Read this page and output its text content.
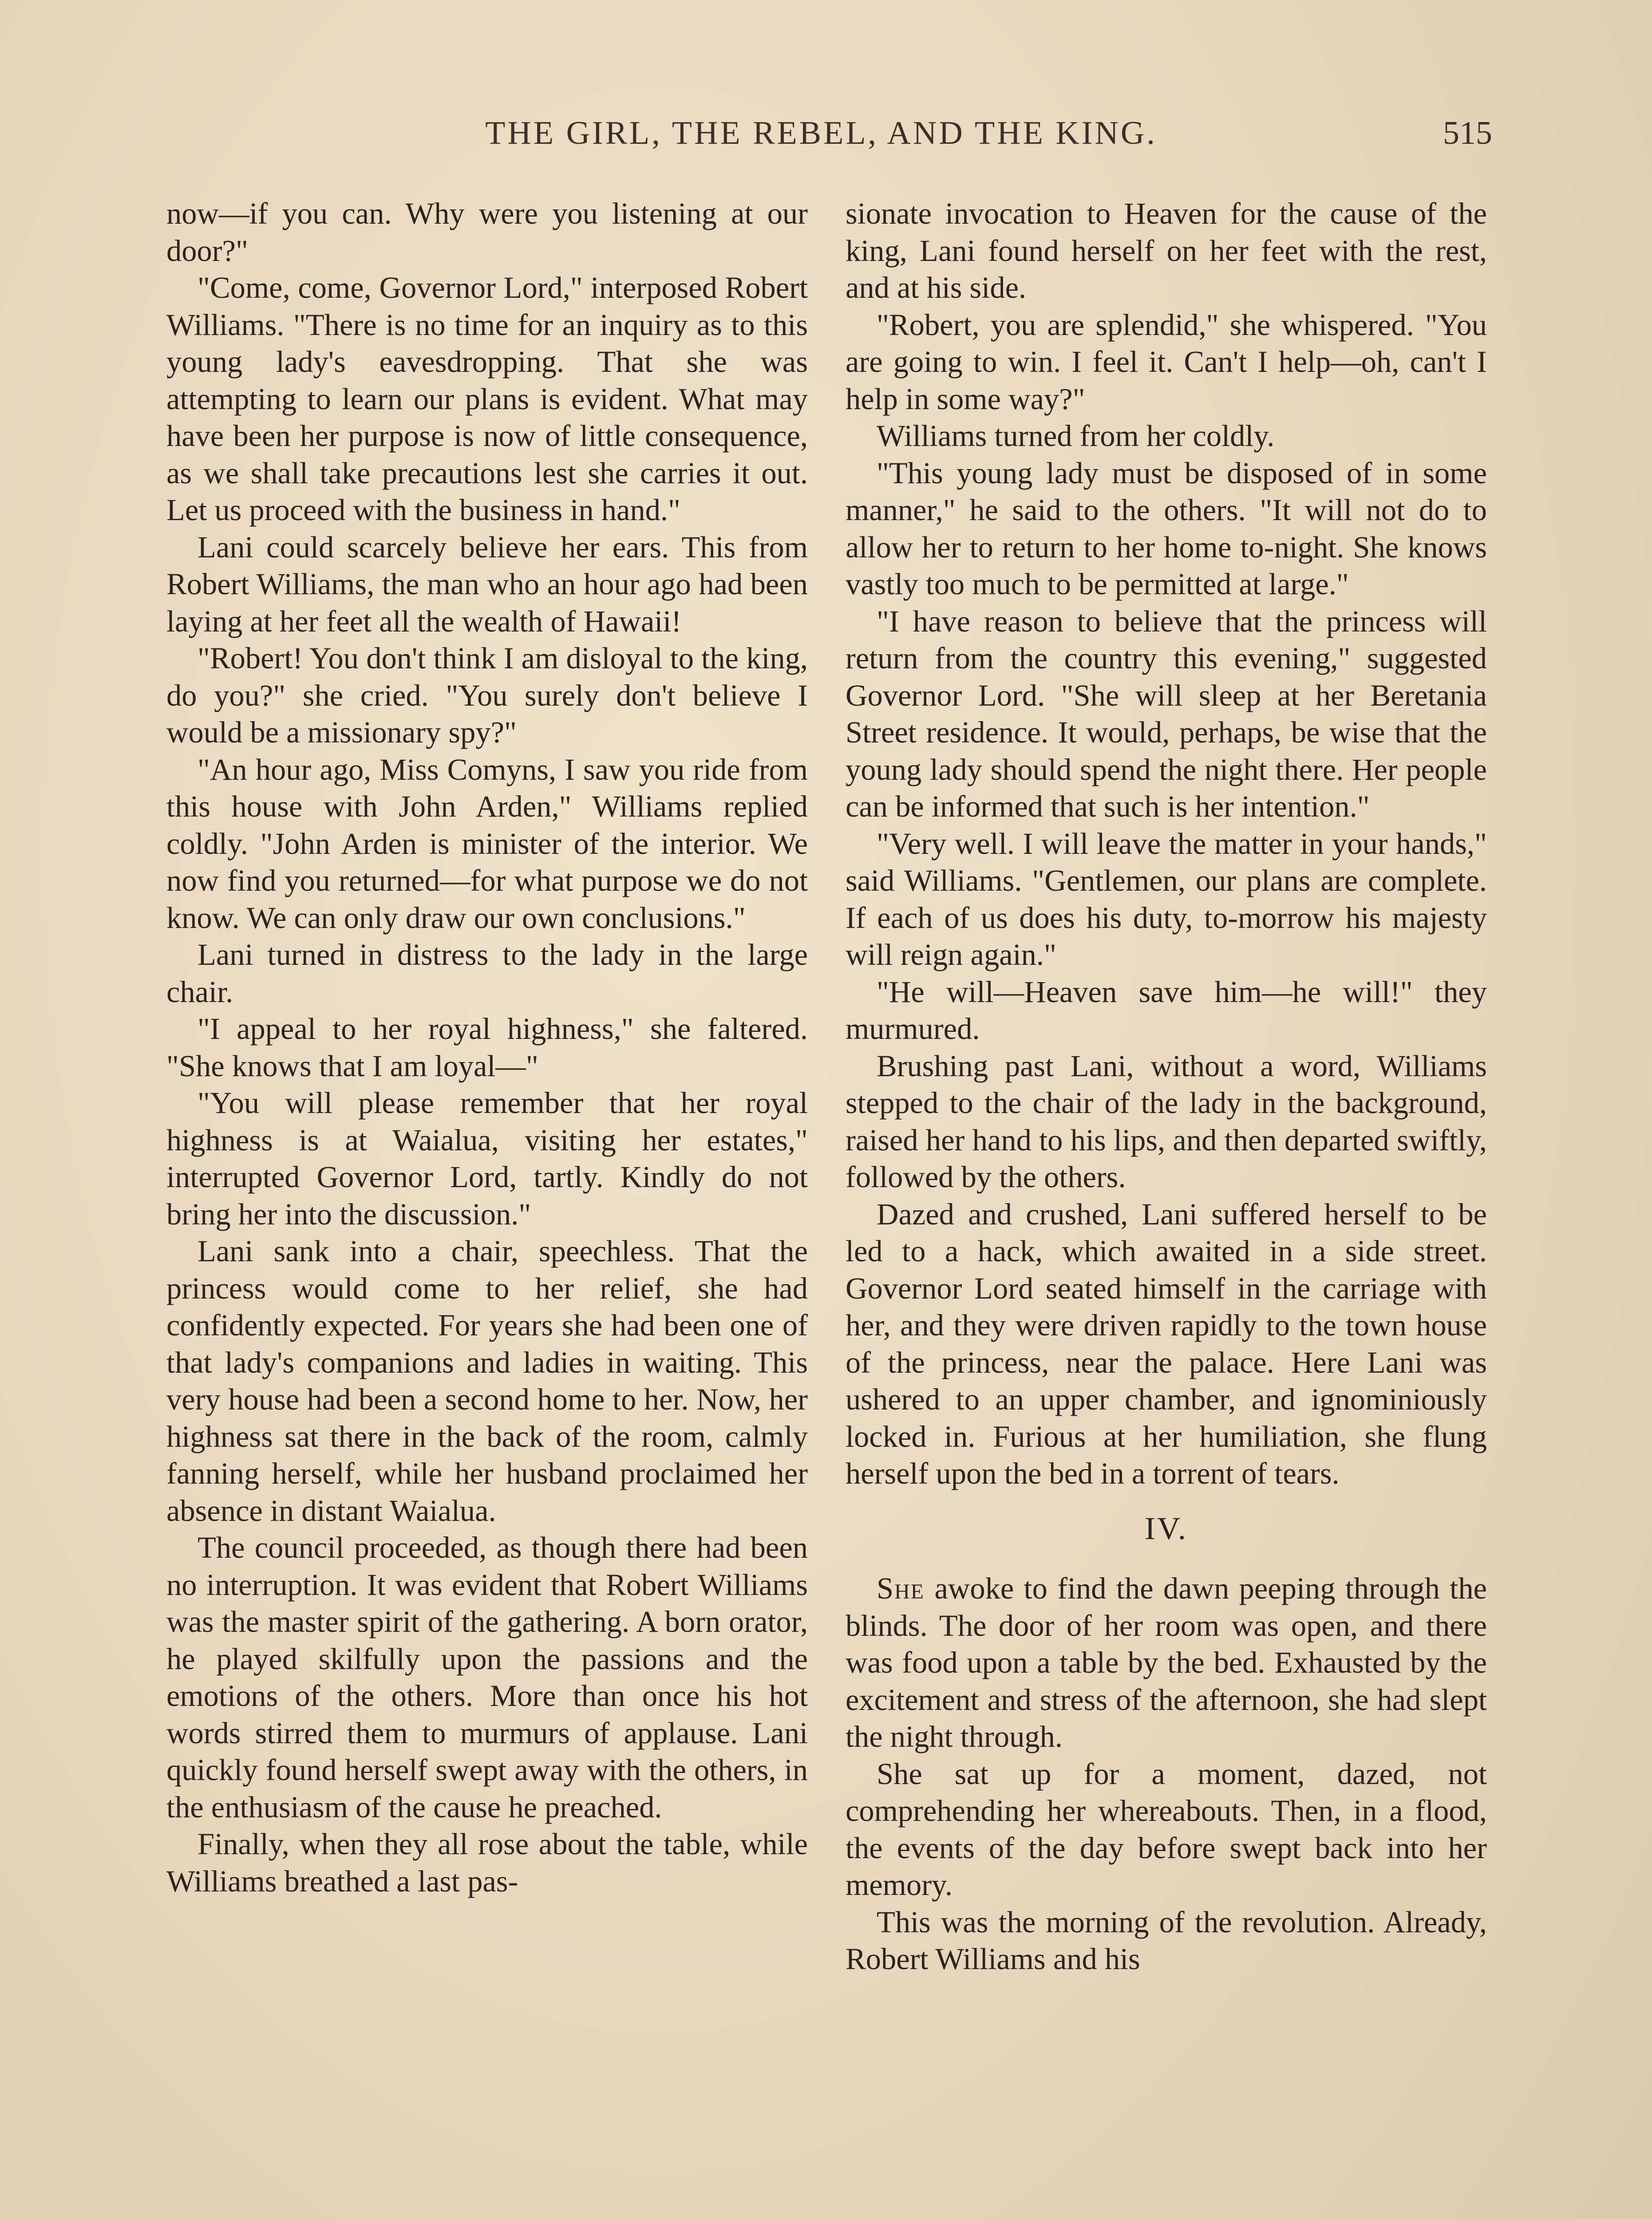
THE GIRL, THE REBEL, AND THE KING.	515

now—if you can. Why were you listening at our door?"

"Come, come, Governor Lord," interposed Robert Williams. "There is no time for an inquiry as to this young lady's eavesdropping. That she was attempting to learn our plans is evident. What may have been her purpose is now of little consequence, as we shall take precautions lest she carries it out. Let us proceed with the business in hand."

Lani could scarcely believe her ears. This from Robert Williams, the man who an hour ago had been laying at her feet all the wealth of Hawaii!

"Robert! You don't think I am disloyal to the king, do you?" she cried. "You surely don't believe I would be a missionary spy?"

"An hour ago, Miss Comyns, I saw you ride from this house with John Arden," Williams replied coldly. "John Arden is minister of the interior. We now find you returned—for what purpose we do not know. We can only draw our own conclusions."

Lani turned in distress to the lady in the large chair.

"I appeal to her royal highness," she faltered. "She knows that I am loyal—"

"You will please remember that her royal highness is at Waialua, visiting her estates," interrupted Governor Lord, tartly. Kindly do not bring her into the discussion."

Lani sank into a chair, speechless. That the princess would come to her relief, she had confidently expected. For years she had been one of that lady's companions and ladies in waiting. This very house had been a second home to her. Now, her highness sat there in the back of the room, calmly fanning herself, while her husband proclaimed her absence in distant Waialua.

The council proceeded, as though there had been no interruption. It was evident that Robert Williams was the master spirit of the gathering. A born orator, he played skilfully upon the passions and the emotions of the others. More than once his hot words stirred them to murmurs of applause. Lani quickly found herself swept away with the others, in the enthusiasm of the cause he preached.

Finally, when they all rose about the table, while Williams breathed a last pas-

sionate invocation to Heaven for the cause of the king, Lani found herself on her feet with the rest, and at his side.

"Robert, you are splendid," she whispered. "You are going to win. I feel it. Can't I help—oh, can't I help in some way?"

Williams turned from her coldly.

"This young lady must be disposed of in some manner," he said to the others. "It will not do to allow her to return to her home to-night. She knows vastly too much to be permitted at large."

"I have reason to believe that the princess will return from the country this evening," suggested Governor Lord. "She will sleep at her Beretania Street residence. It would, perhaps, be wise that the young lady should spend the night there. Her people can be informed that such is her intention."

"Very well. I will leave the matter in your hands," said Williams. "Gentlemen, our plans are complete. If each of us does his duty, to-morrow his majesty will reign again."

"He will—Heaven save him—he will!" they murmured.

Brushing past Lani, without a word, Williams stepped to the chair of the lady in the background, raised her hand to his lips, and then departed swiftly, followed by the others.

Dazed and crushed, Lani suffered herself to be led to a hack, which awaited in a side street. Governor Lord seated himself in the carriage with her, and they were driven rapidly to the town house of the princess, near the palace. Here Lani was ushered to an upper chamber, and ignominiously locked in. Furious at her humiliation, she flung herself upon the bed in a torrent of tears.

IV.

She awoke to find the dawn peeping through the blinds. The door of her room was open, and there was food upon a table by the bed. Exhausted by the excitement and stress of the afternoon, she had slept the night through.

She sat up for a moment, dazed, not comprehending her whereabouts. Then, in a flood, the events of the day before swept back into her memory.

This was the morning of the revolution. Already, Robert Williams and his
